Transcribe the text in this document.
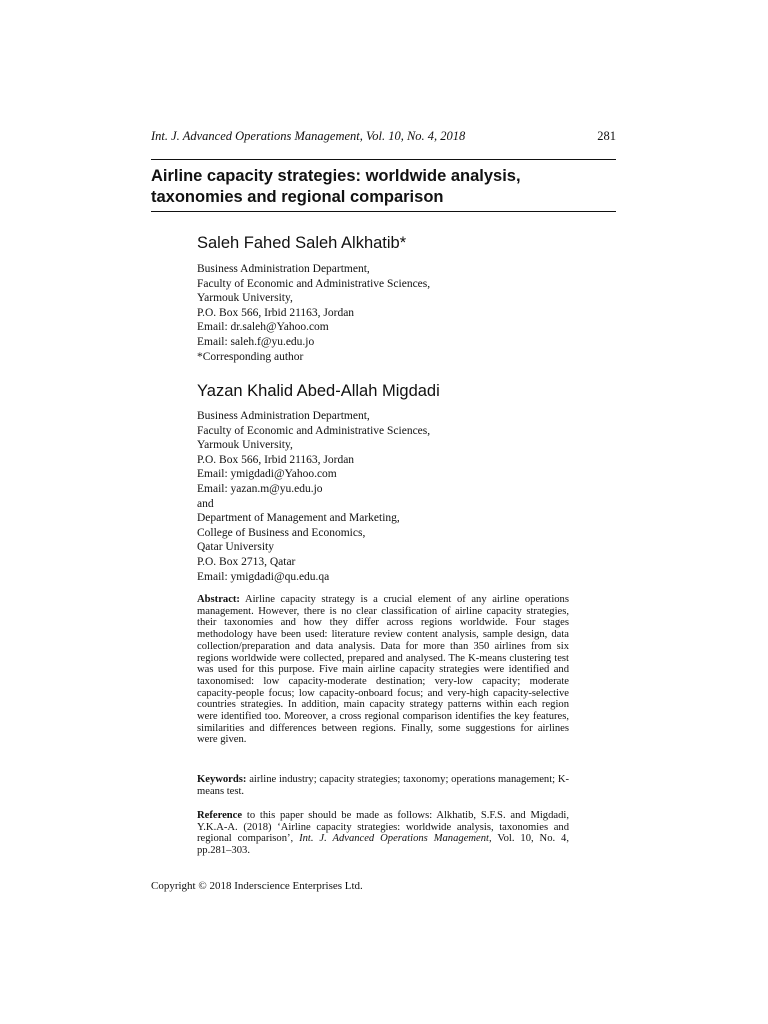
Int. J. Advanced Operations Management, Vol. 10, No. 4, 2018	281
Airline capacity strategies: worldwide analysis,
taxonomies and regional comparison
Saleh Fahed Saleh Alkhatib*
Business Administration Department,
Faculty of Economic and Administrative Sciences,
Yarmouk University,
P.O. Box 566, Irbid 21163, Jordan
Email: dr.saleh@Yahoo.com
Email: saleh.f@yu.edu.jo
*Corresponding author
Yazan Khalid Abed-Allah Migdadi
Business Administration Department,
Faculty of Economic and Administrative Sciences,
Yarmouk University,
P.O. Box 566, Irbid 21163, Jordan
Email: ymigdadi@Yahoo.com
Email: yazan.m@yu.edu.jo
and
Department of Management and Marketing,
College of Business and Economics,
Qatar University
P.O. Box 2713, Qatar
Email: ymigdadi@qu.edu.qa

Abstract: Airline capacity strategy is a crucial element of any airline operations management. However, there is no clear classification of airline capacity strategies, their taxonomies and how they differ across regions worldwide. Four stages methodology have been used: literature review content analysis, sample design, data collection/preparation and data analysis. Data for more than 350 airlines from six regions worldwide were collected, prepared and analysed. The K-means clustering test was used for this purpose. Five main airline capacity strategies were identified and taxonomised: low capacity-moderate destination; very-low capacity; moderate capacity-people focus; low capacity-onboard focus; and very-high capacity-selective countries strategies. In addition, main capacity strategy patterns within each region were identified too. Moreover, a cross regional comparison identifies the key features, similarities and differences between regions. Finally, some suggestions for airlines were given.

Keywords: airline industry; capacity strategies; taxonomy; operations management; K-means test.

Reference to this paper should be made as follows: Alkhatib, S.F.S. and Migdadi, Y.K.A-A. (2018) ‘Airline capacity strategies: worldwide analysis, taxonomies and regional comparison’, Int. J. Advanced Operations Management, Vol. 10, No. 4, pp.281–303.

Copyright © 2018 Inderscience Enterprises Ltd.
